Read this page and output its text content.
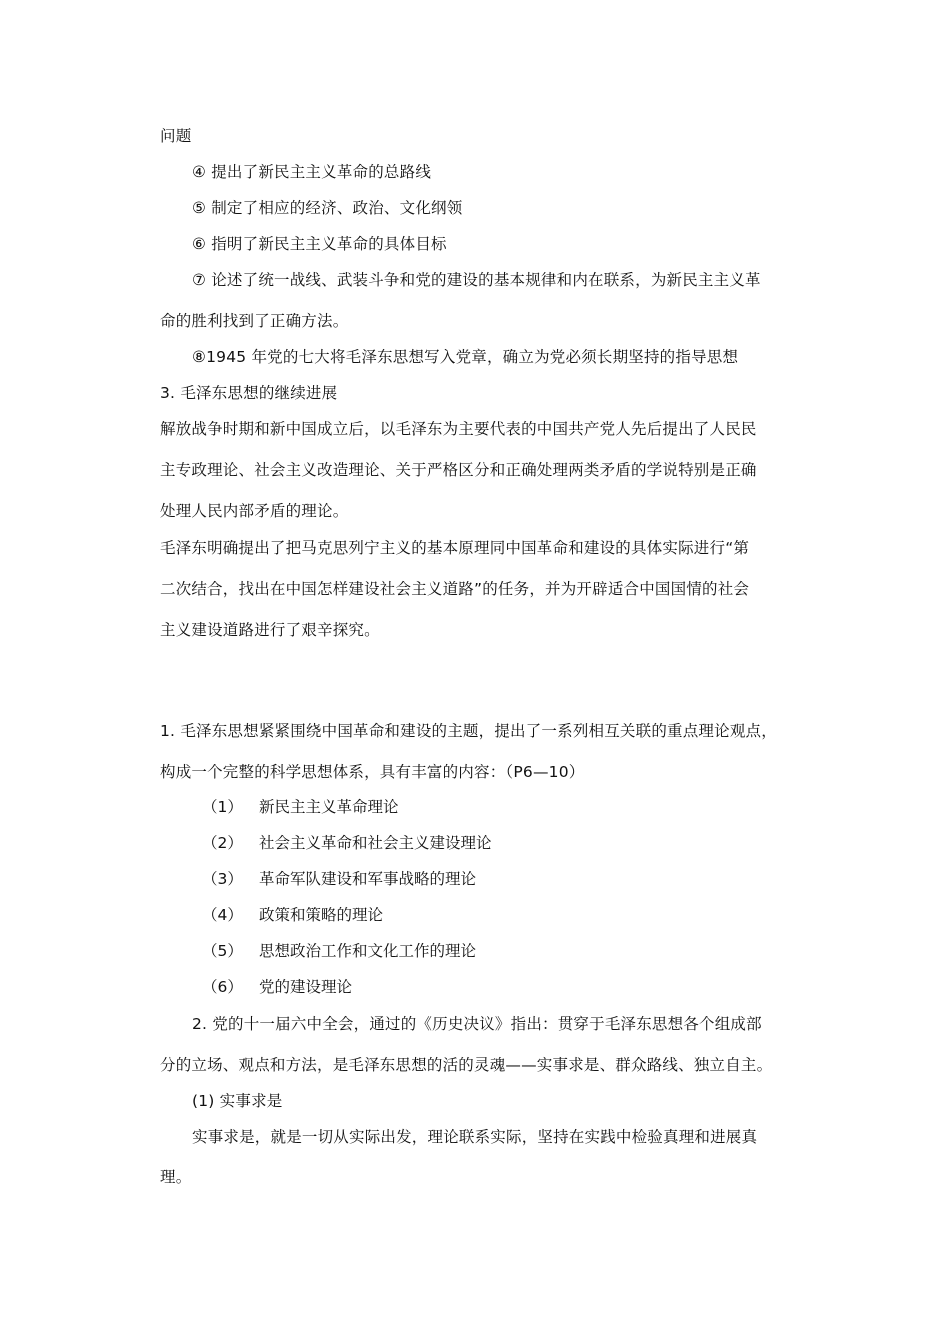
问题
④ 提出了新民主主义革命的总路线
⑤ 制定了相应的经济、政治、文化纲领
⑥ 指明了新民主主义革命的具体目标
⑦ 论述了统一战线、武装斗争和党的建设的基本规律和内在联系，为新民主主义革
命的胜利找到了正确方法。
⑧1945 年党的七大将毛泽东思想写入党章，确立为党必须长期坚持的指导思想
3. 毛泽东思想的继续进展
解放战争时期和新中国成立后，以毛泽东为主要代表的中国共产党人先后提出了人民民
主专政理论、社会主义改造理论、关于严格区分和正确处理两类矛盾的学说特别是正确
处理人民内部矛盾的理论。
毛泽东明确提出了把马克思列宁主义的基本原理同中国革命和建设的具体实际进行“第
二次结合，找出在中国怎样建设社会主义道路”的任务，并为开辟适合中国国情的社会
主义建设道路进行了艰辛探究。
1. 毛泽东思想紧紧围绕中国革命和建设的主题，提出了一系列相互关联的重点理论观点，
构成一个完整的科学思想体系，具有丰富的内容：（P6—10）
（1） 新民主主义革命理论
（2） 社会主义革命和社会主义建设理论
（3） 革命军队建设和军事战略的理论
（4） 政策和策略的理论
（5） 思想政治工作和文化工作的理论
（6） 党的建设理论
2. 党的十一届六中全会，通过的《历史决议》指出：贯穿于毛泽东思想各个组成部
分的立场、观点和方法，是毛泽东思想的活的灵魂——实事求是、群众路线、独立自主。
(1) 实事求是
实事求是，就是一切从实际出发，理论联系实际，坚持在实践中检验真理和进展真
理。
